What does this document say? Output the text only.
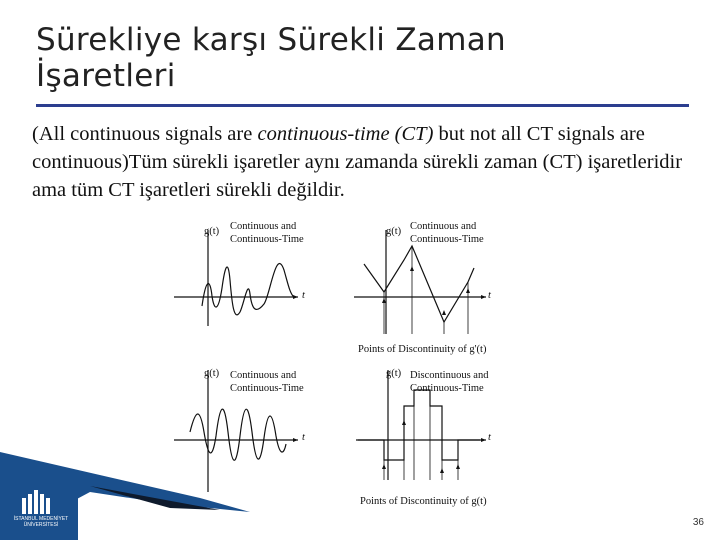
Sürekliye karşı Sürekli Zaman
İşaretleri
(All continuous signals are continuous-time (CT) but not all CT signals are continuous)Tüm sürekli işaretler aynı zamanda sürekli zaman (CT) işaretleridir ama tüm CT işaretleri sürekli değildir.
g(t) Continuous and
Continuous-Time
t
g(t) Continuous and
Continuous-Time
t
Points of Discontinuity of g'(t)
g(t) Continuous and
Continuous-Time
t
g(t) Discontinuous and
Continuous-Time
t
Points of Discontinuity of g(t)
İSTANBUL MEDENİYET
ÜNİVERSİTESİ	36
